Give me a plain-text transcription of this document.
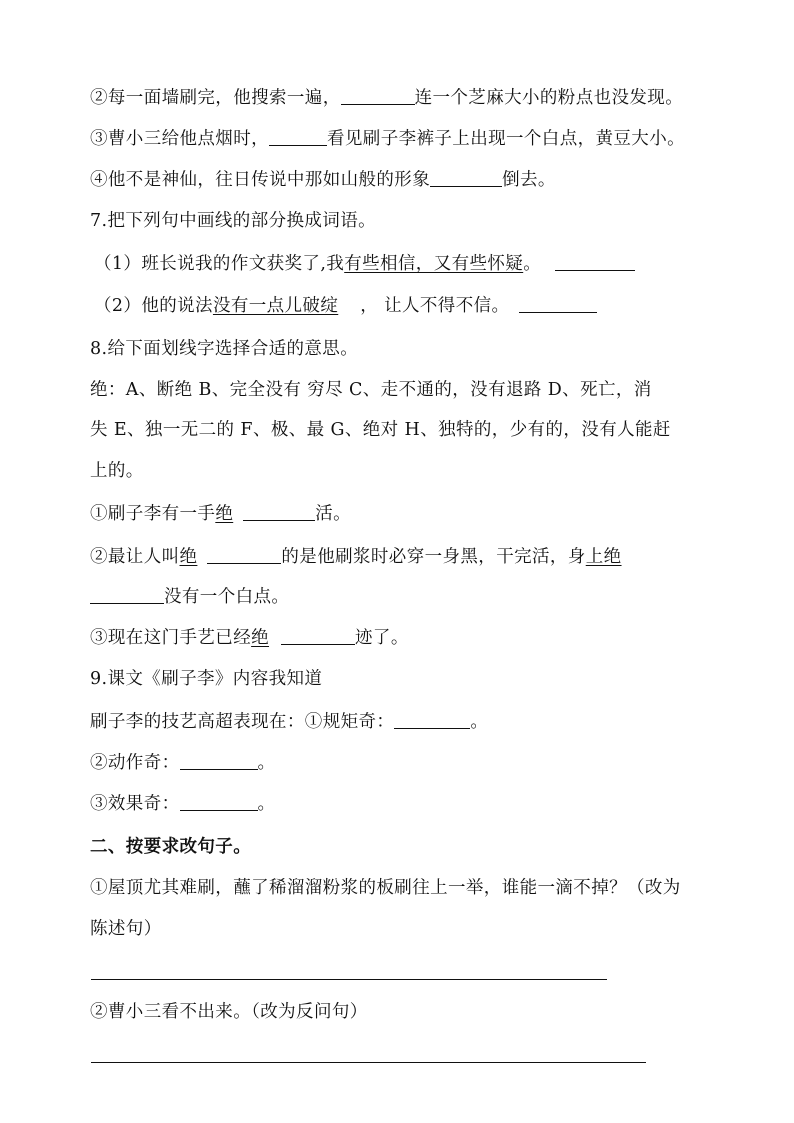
②每一面墙刷完，他搜索一遍，	连一个芝麻大小的粉点也没发现。
③曹小三给他点烟时，	看见刷子李裤子上出现一个白点，黄豆大小。
④他不是神仙，往日传说中那如山般的形象	倒去。
7.把下列句中画线的部分换成词语。
（1）班长说我的作文获奖了,我有些相信，又有些怀疑。
（2）他的说法没有一点儿破绽 ， 让人不得不信。
8.给下面划线字选择合适的意思。
绝：A、断绝 B、完全没有 穷尽 C、走不通的，没有退路 D、死亡，消
失 E、独一无二的 F、极、最 G、绝对 H、独特的，少有的，没有人能赶
上的。
①刷子李有一手绝	活。
②最让人叫绝	的是他刷浆时必穿一身黑，干完活，身上绝
没有一个白点。
③现在这门手艺已经绝	迹了。
9.课文《刷子李》内容我知道
刷子李的技艺高超表现在：①规矩奇：	。
②动作奇：	。
③效果奇：	。
二、按要求改句子。
①屋顶尤其难刷，蘸了稀溜溜粉浆的板刷往上一举，谁能一滴不掉？（改为
陈述句）
②曹小三看不出来。（改为反问句）
